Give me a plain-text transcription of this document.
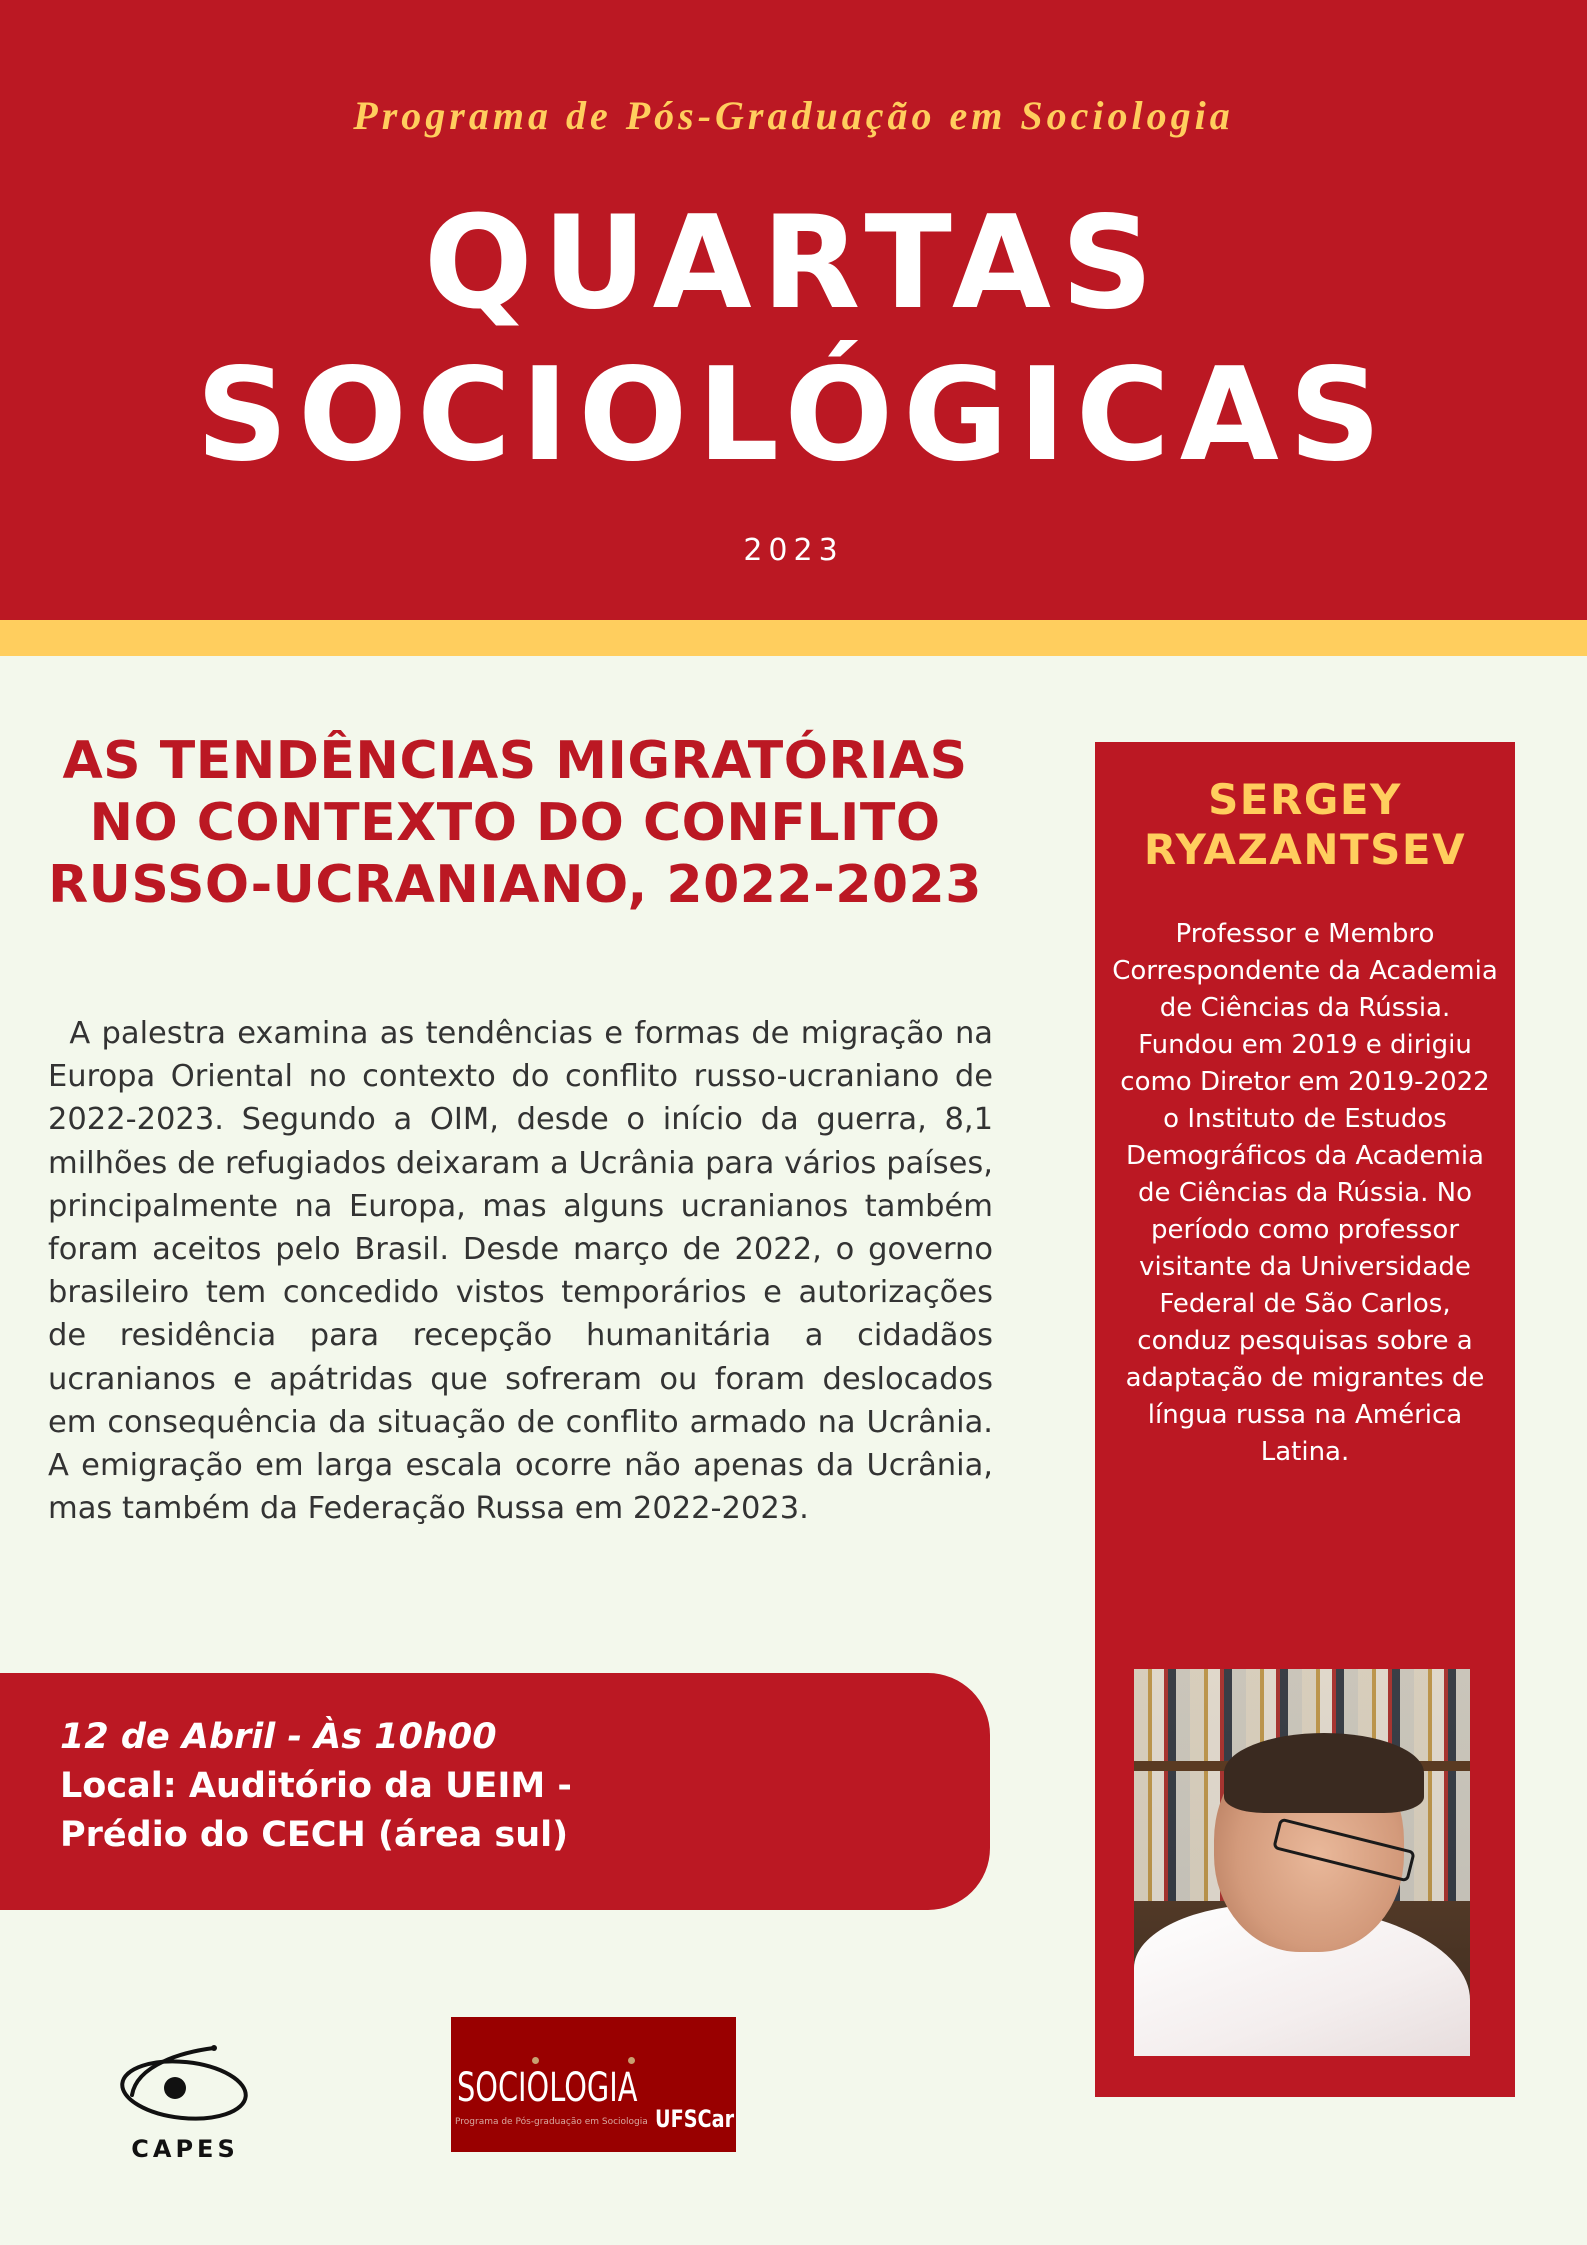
Programa de Pós-Graduação em Sociologia
QUARTAS
SOCIOLÓGICAS
2023
AS TENDÊNCIAS MIGRATÓRIAS NO CONTEXTO DO CONFLITO RUSSO-UCRANIANO, 2022-2023
A palestra examina as tendências e formas de migração na Europa Oriental no contexto do conflito russo-ucraniano de 2022-2023. Segundo a OIM, desde o início da guerra, 8,1 milhões de refugiados deixaram a Ucrânia para vários países, principalmente na Europa, mas alguns ucranianos também foram aceitos pelo Brasil. Desde março de 2022, o governo brasileiro tem concedido vistos temporários e autorizações de residência para recepção humanitária a cidadãos ucranianos e apátridas que sofreram ou foram deslocados em consequência da situação de conflito armado na Ucrânia. A emigração em larga escala ocorre não apenas da Ucrânia, mas também da Federação Russa em 2022-2023.
12 de Abril - Às 10h00
Local: Auditório da UEIM -
Prédio do CECH (área sul)
SERGEY RYAZANTSEV
Professor e Membro Correspondente da Academia de Ciências da Rússia. Fundou em 2019 e dirigiu como Diretor em 2019-2022 o Instituto de Estudos Demográficos da Academia de Ciências da Rússia. No período como professor visitante da Universidade Federal de São Carlos, conduz pesquisas sobre a adaptação de migrantes de língua russa na América Latina.
CAPES
SOCIOLOGIA
Programa de Pós-graduação em Sociologia UFSCar
